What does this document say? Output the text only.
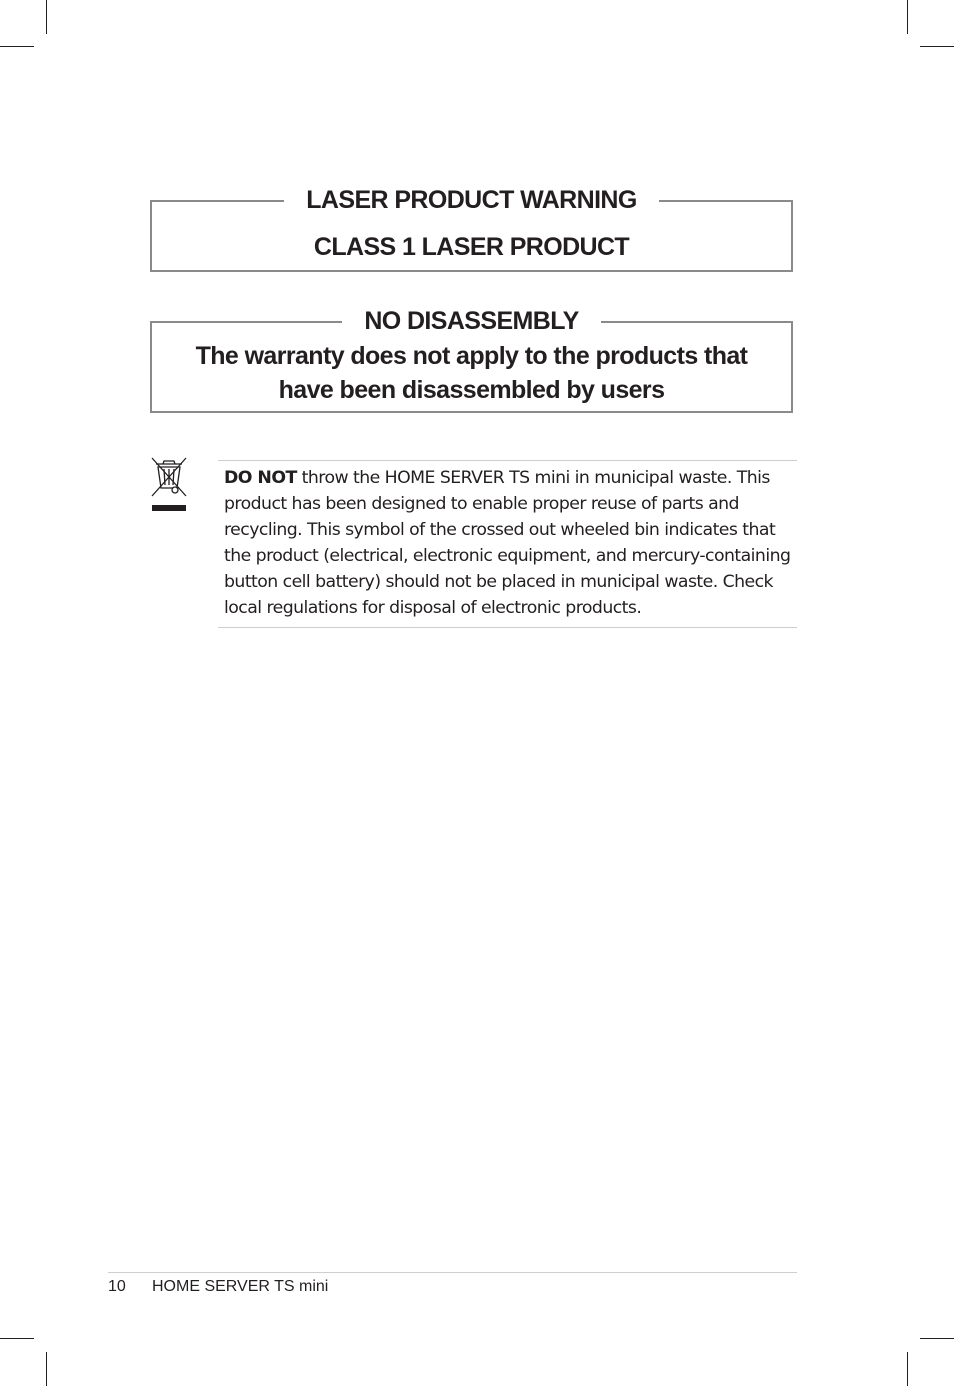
LASER PRODUCT WARNING
CLASS 1 LASER PRODUCT
NO DISASSEMBLY
The warranty does not apply to the products that
have been disassembled by users

DO NOT throw the HOME SERVER TS mini in municipal waste. This product has been designed to enable proper reuse of parts and recycling. This symbol of the crossed out wheeled bin indicates that the product (electrical, electronic equipment, and mercury-containing button cell battery) should not be placed in municipal waste. Check local regulations for disposal of electronic products.

10 HOME SERVER TS mini
